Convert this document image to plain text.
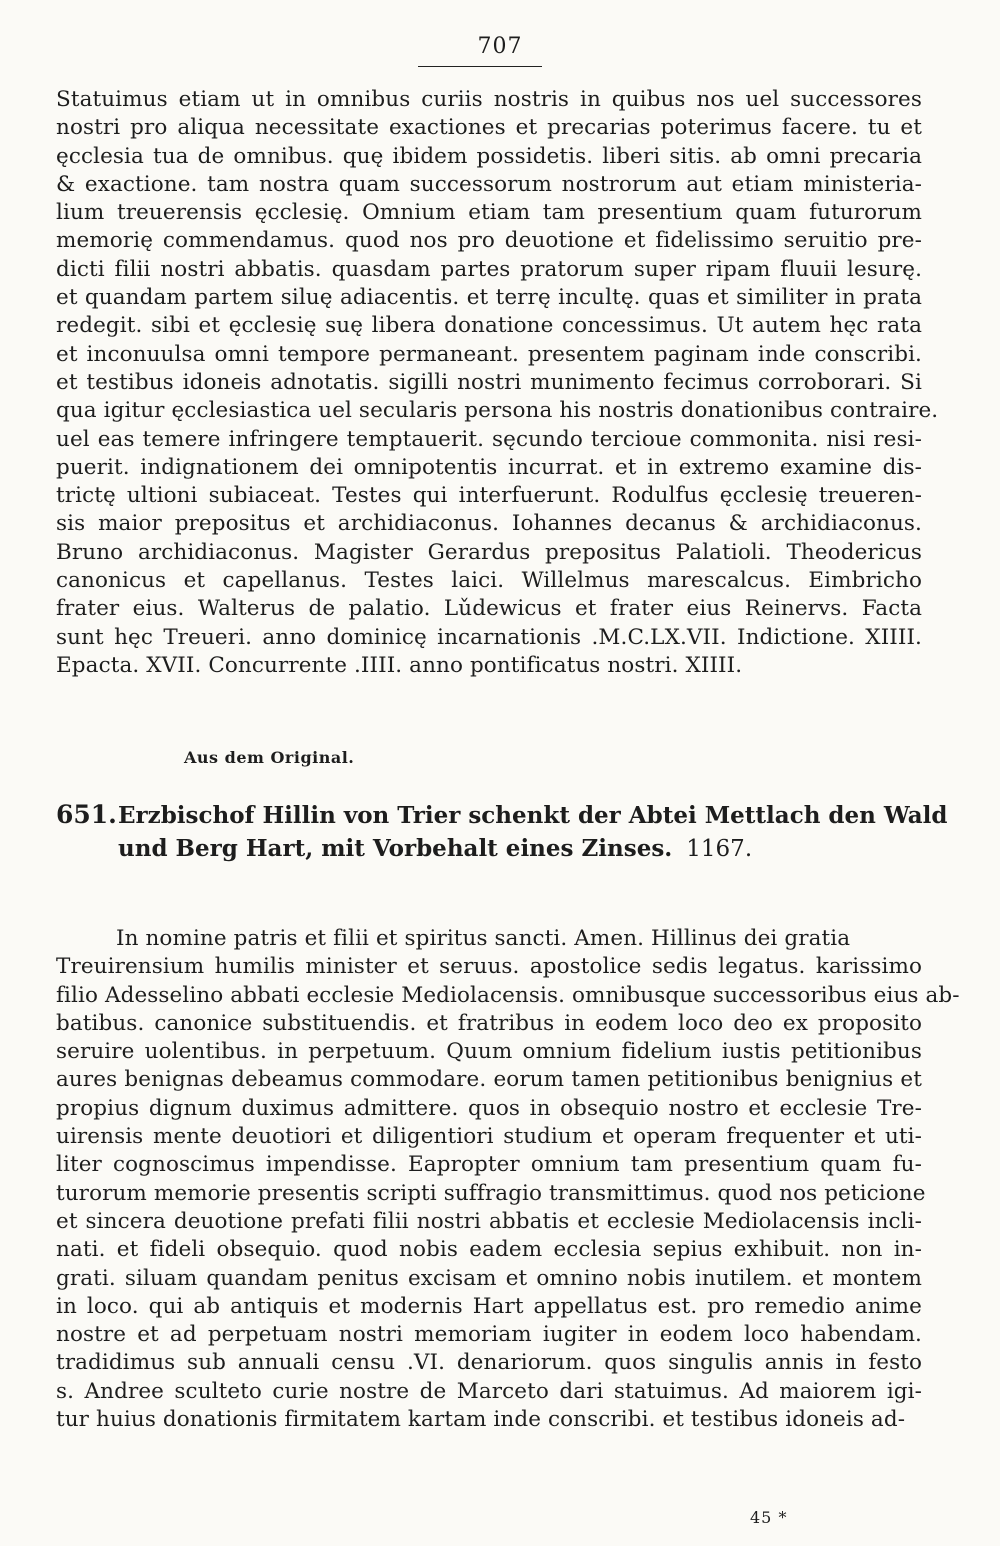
707
Statuimus etiam ut in omnibus curiis nostris in quibus nos uel successores
nostri pro aliqua necessitate exactiones et precarias poterimus facere. tu et
ęcclesia tua de omnibus. quę ibidem possidetis. liberi sitis. ab omni precaria
& exactione. tam nostra quam successorum nostrorum aut etiam ministeria-
lium treuerensis ęcclesię. Omnium etiam tam presentium quam futurorum
memorię commendamus. quod nos pro deuotione et fidelissimo seruitio pre-
dicti filii nostri abbatis. quasdam partes pratorum super ripam fluuii lesurę.
et quandam partem siluę adiacentis. et terrę incultę. quas et similiter in prata
redegit. sibi et ęcclesię suę libera donatione concessimus. Ut autem hęc rata
et inconuulsa omni tempore permaneant. presentem paginam inde conscribi.
et testibus idoneis adnotatis. sigilli nostri munimento fecimus corroborari. Si
qua igitur ęcclesiastica uel secularis persona his nostris donationibus contraire.
uel eas temere infringere temptauerit. sęcundo tercioue commonita. nisi resi-
puerit. indignationem dei omnipotentis incurrat. et in extremo examine dis-
trictę ultioni subiaceat. Testes qui interfuerunt. Rodulfus ęcclesię treueren-
sis maior prepositus et archidiaconus. Iohannes decanus & archidiaconus.
Bruno archidiaconus. Magister Gerardus prepositus Palatioli. Theodericus
canonicus et capellanus. Testes laici. Willelmus marescalcus. Eimbricho
frater eius. Walterus de palatio. Lǔdewicus et frater eius Reinervs. Facta
sunt hęc Treueri. anno dominicę incarnationis .M.C.LX.VII. Indictione. XIIII.
Epacta. XVII. Concurrente .IIII. anno pontificatus nostri. XIIII.
Aus dem Original.
651.Erzbischof Hillin von Trier schenkt der Abtei Mettlach den Wald
und Berg Hart, mit Vorbehalt eines Zinses. 1167.
In nomine patris et filii et spiritus sancti. Amen. Hillinus dei gratia
Treuirensium humilis minister et seruus. apostolice sedis legatus. karissimo
filio Adesselino abbati ecclesie Mediolacensis. omnibusque successoribus eius ab-
batibus. canonice substituendis. et fratribus in eodem loco deo ex proposito
seruire uolentibus. in perpetuum. Quum omnium fidelium iustis petitionibus
aures benignas debeamus commodare. eorum tamen petitionibus benignius et
propius dignum duximus admittere. quos in obsequio nostro et ecclesie Tre-
uirensis mente deuotiori et diligentiori studium et operam frequenter et uti-
liter cognoscimus impendisse. Eapropter omnium tam presentium quam fu-
turorum memorie presentis scripti suffragio transmittimus. quod nos peticione
et sincera deuotione prefati filii nostri abbatis et ecclesie Mediolacensis incli-
nati. et fideli obsequio. quod nobis eadem ecclesia sepius exhibuit. non in-
grati. siluam quandam penitus excisam et omnino nobis inutilem. et montem
in loco. qui ab antiquis et modernis Hart appellatus est. pro remedio anime
nostre et ad perpetuam nostri memoriam iugiter in eodem loco habendam.
tradidimus sub annuali censu .VI. denariorum. quos singulis annis in festo
s. Andree sculteto curie nostre de Marceto dari statuimus. Ad maiorem igi-
tur huius donationis firmitatem kartam inde conscribi. et testibus idoneis ad-
45 *
